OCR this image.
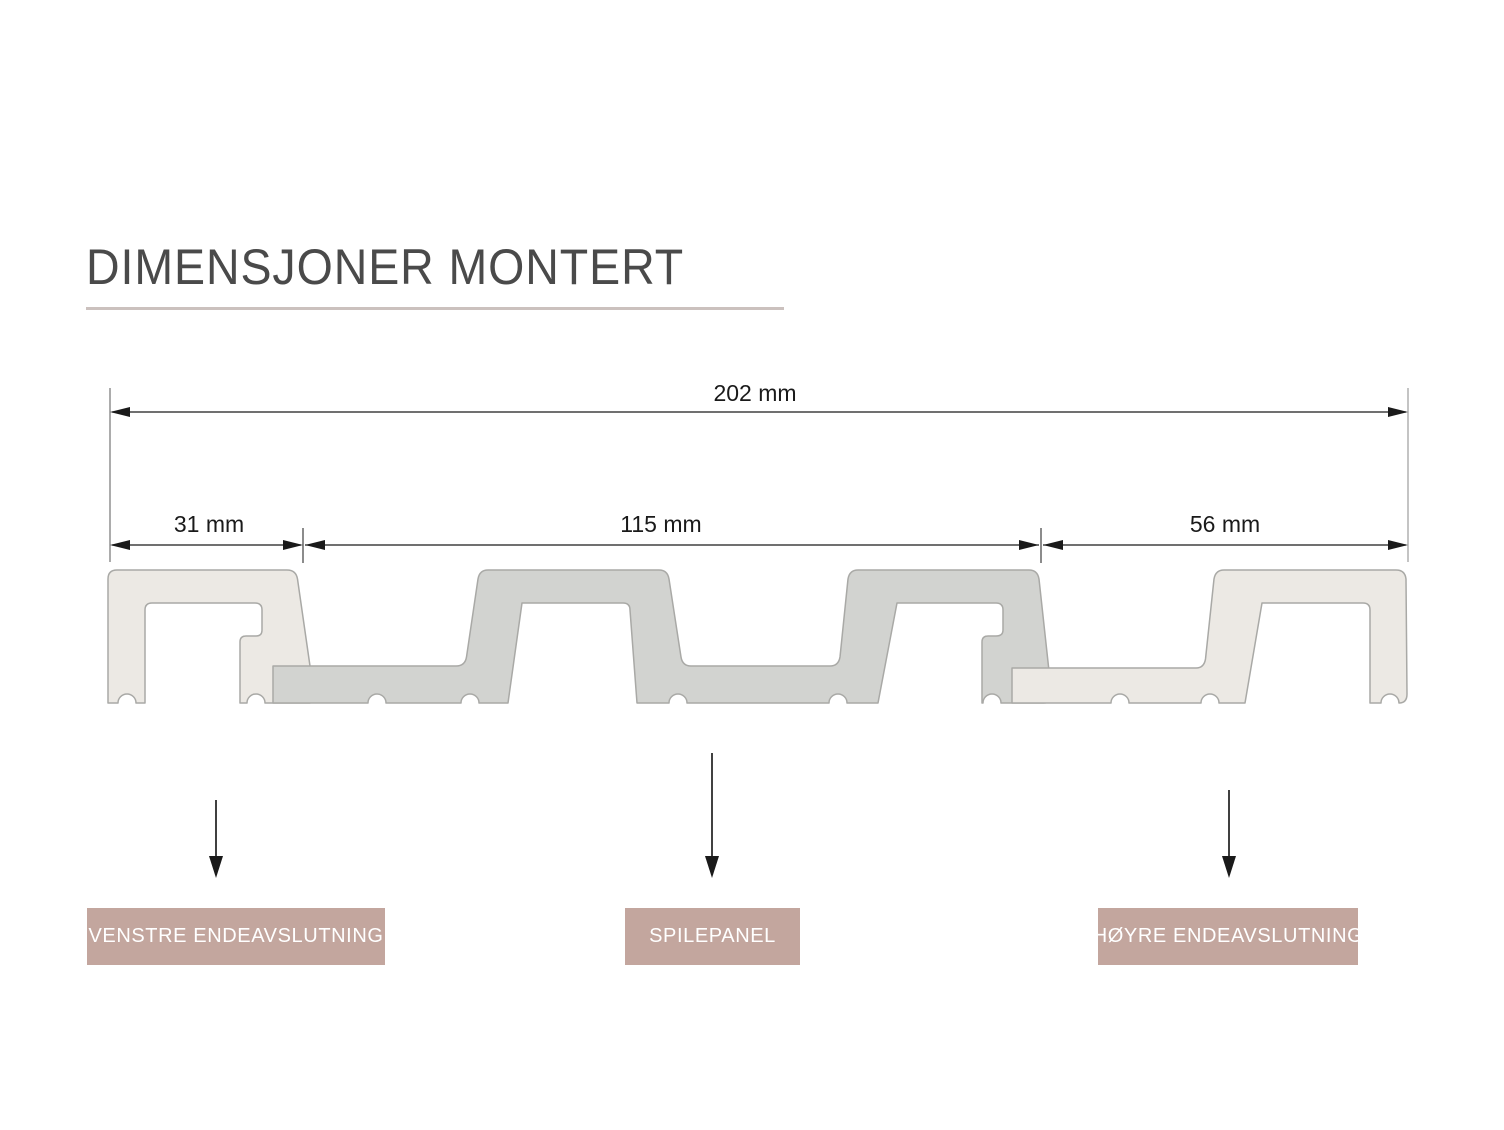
DIMENSJONER MONTERT
202 mm
31 mm	115 mm	56 mm
VENSTRE ENDEAVSLUTNING	SPILEPANEL	HØYRE ENDEAVSLUTNING
